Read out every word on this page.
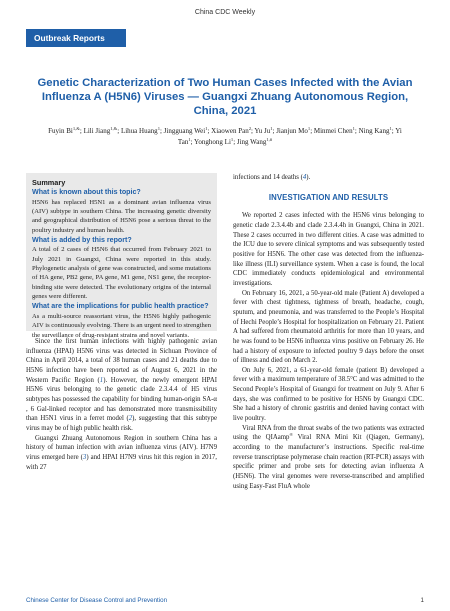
China CDC Weekly
Outbreak Reports
Genetic Characterization of Two Human Cases Infected with the Avian Influenza A (H5N6) Viruses — Guangxi Zhuang Autonomous Region, China, 2021
Fuyin $Bi^{1,\&}$; Lili Jiang$^{1,\&}$; Lihua Huang$^1$; Jingguang Wei$^1$; Xiaowen Pan$^2$; Yu Ju$^1$; Jianjun Mo$^1$; Minmei Chen$^1$; Ning Kang$^1$; Yi Tan$^1$; Yonghong Li$^1$; Jing Wang$^{1,\#}$
Summary
What is known about this topic?
H5N6 has replaced H5N1 as a dominant avian influenza virus (AIV) subtype in southern China. The increasing genetic diversity and geographical distribution of H5N6 pose a serious threat to the poultry industry and human health.
What is added by this report?
A total of 2 cases of H5N6 that occurred from February 2021 to July 2021 in Guangxi, China were reported in this study. Phylogenetic analysis of gene was constructed, and some mutations of HA gene, PB2 gene, PA gene, M1 gene, NS1 gene, the receptor-binding site were detected. The evolutionary origins of the internal genes were different.
What are the implications for public health practice?
As a multi-source reassortant virus, the H5N6 highly pathogenic AIV is continuously evolving. There is an urgent need to strengthen the surveillance of drug-resistant strains and novel variants.

Since the first human infections with highly pathogenic avian influenza (HPAI) H5N6 virus was detected in Sichuan Province of China in April 2014, a total of 38 human cases and 21 deaths due to H5N6 infection have been reported as of August 6, 2021 in the Western Pacific Region (1). However, the newly emergent HPAI H5N6 virus belonging to the genetic clade 2.3.4.4 of H5 virus subtypes has possessed the capability for binding human-origin SA-α , 6 Gal-linked receptor and has demonstrated more transmissibility than H5N1 virus in a ferret model (2), suggesting that this subtype virus may be of high public health risk.

Guangxi Zhuang Autonomous Region in southern China has a history of human infection with avian influenza virus (AIV). H7N9 virus emerged here (3) and HPAI H7N9 virus hit this region in 2017, with 27

infections and 14 deaths (4).

INVESTIGATION AND RESULTS

We reported 2 cases infected with the H5N6 virus belonging to genetic clade 2.3.4.4b and clade 2.3.4.4h in Guangxi, China in 2021. These 2 cases occurred in two different cities. A case was admitted to the ICU due to severe clinical symptoms and was subsequently tested positive for H5N6. The other case was detected from the influenza-like illness (ILI) surveillance system. When a case is found, the local CDC immediately conducts epidemiological and environmental investigations.

On February 16, 2021, a 50-year-old male (Patient A) developed a fever with chest tightness, tightness of breath, headache, cough, sputum, and pneumonia, and was transferred to the People’s Hospital of Hechi People’s Hospital for hospitalization on February 21. Patient A had suffered from rheumatoid arthritis for more than 10 years, and he was found to be H5N6 influenza virus positive on February 26. He had a history of exposure to infected poultry 9 days before the onset of illness and died on March 2.

On July 6, 2021, a 61-year-old female (patient B) developed a fever with a maximum temperature of 38.5°C and was admitted to the Second People’s Hospital of Guangxi for treatment on July 9. After 6 days, she was confirmed to be positive for H5N6 by Guangxi CDC. She had a history of chronic gastritis and denied having contact with live poultry.

Viral RNA from the throat swabs of the two patients was extracted using the QIAamp® Viral RNA Mini Kit (Qiagen, Germany), according to the manufacturer’s instructions. Specific real-time reverse transcriptase polymerase chain reaction (RT-PCR) assays with specific primer and probe sets for detecting avian influenza A (H5N6). The viral genomes were reverse-transcribed and amplified using Easy-Fast FluA whole

Chinese Center for Disease Control and Prevention	1
